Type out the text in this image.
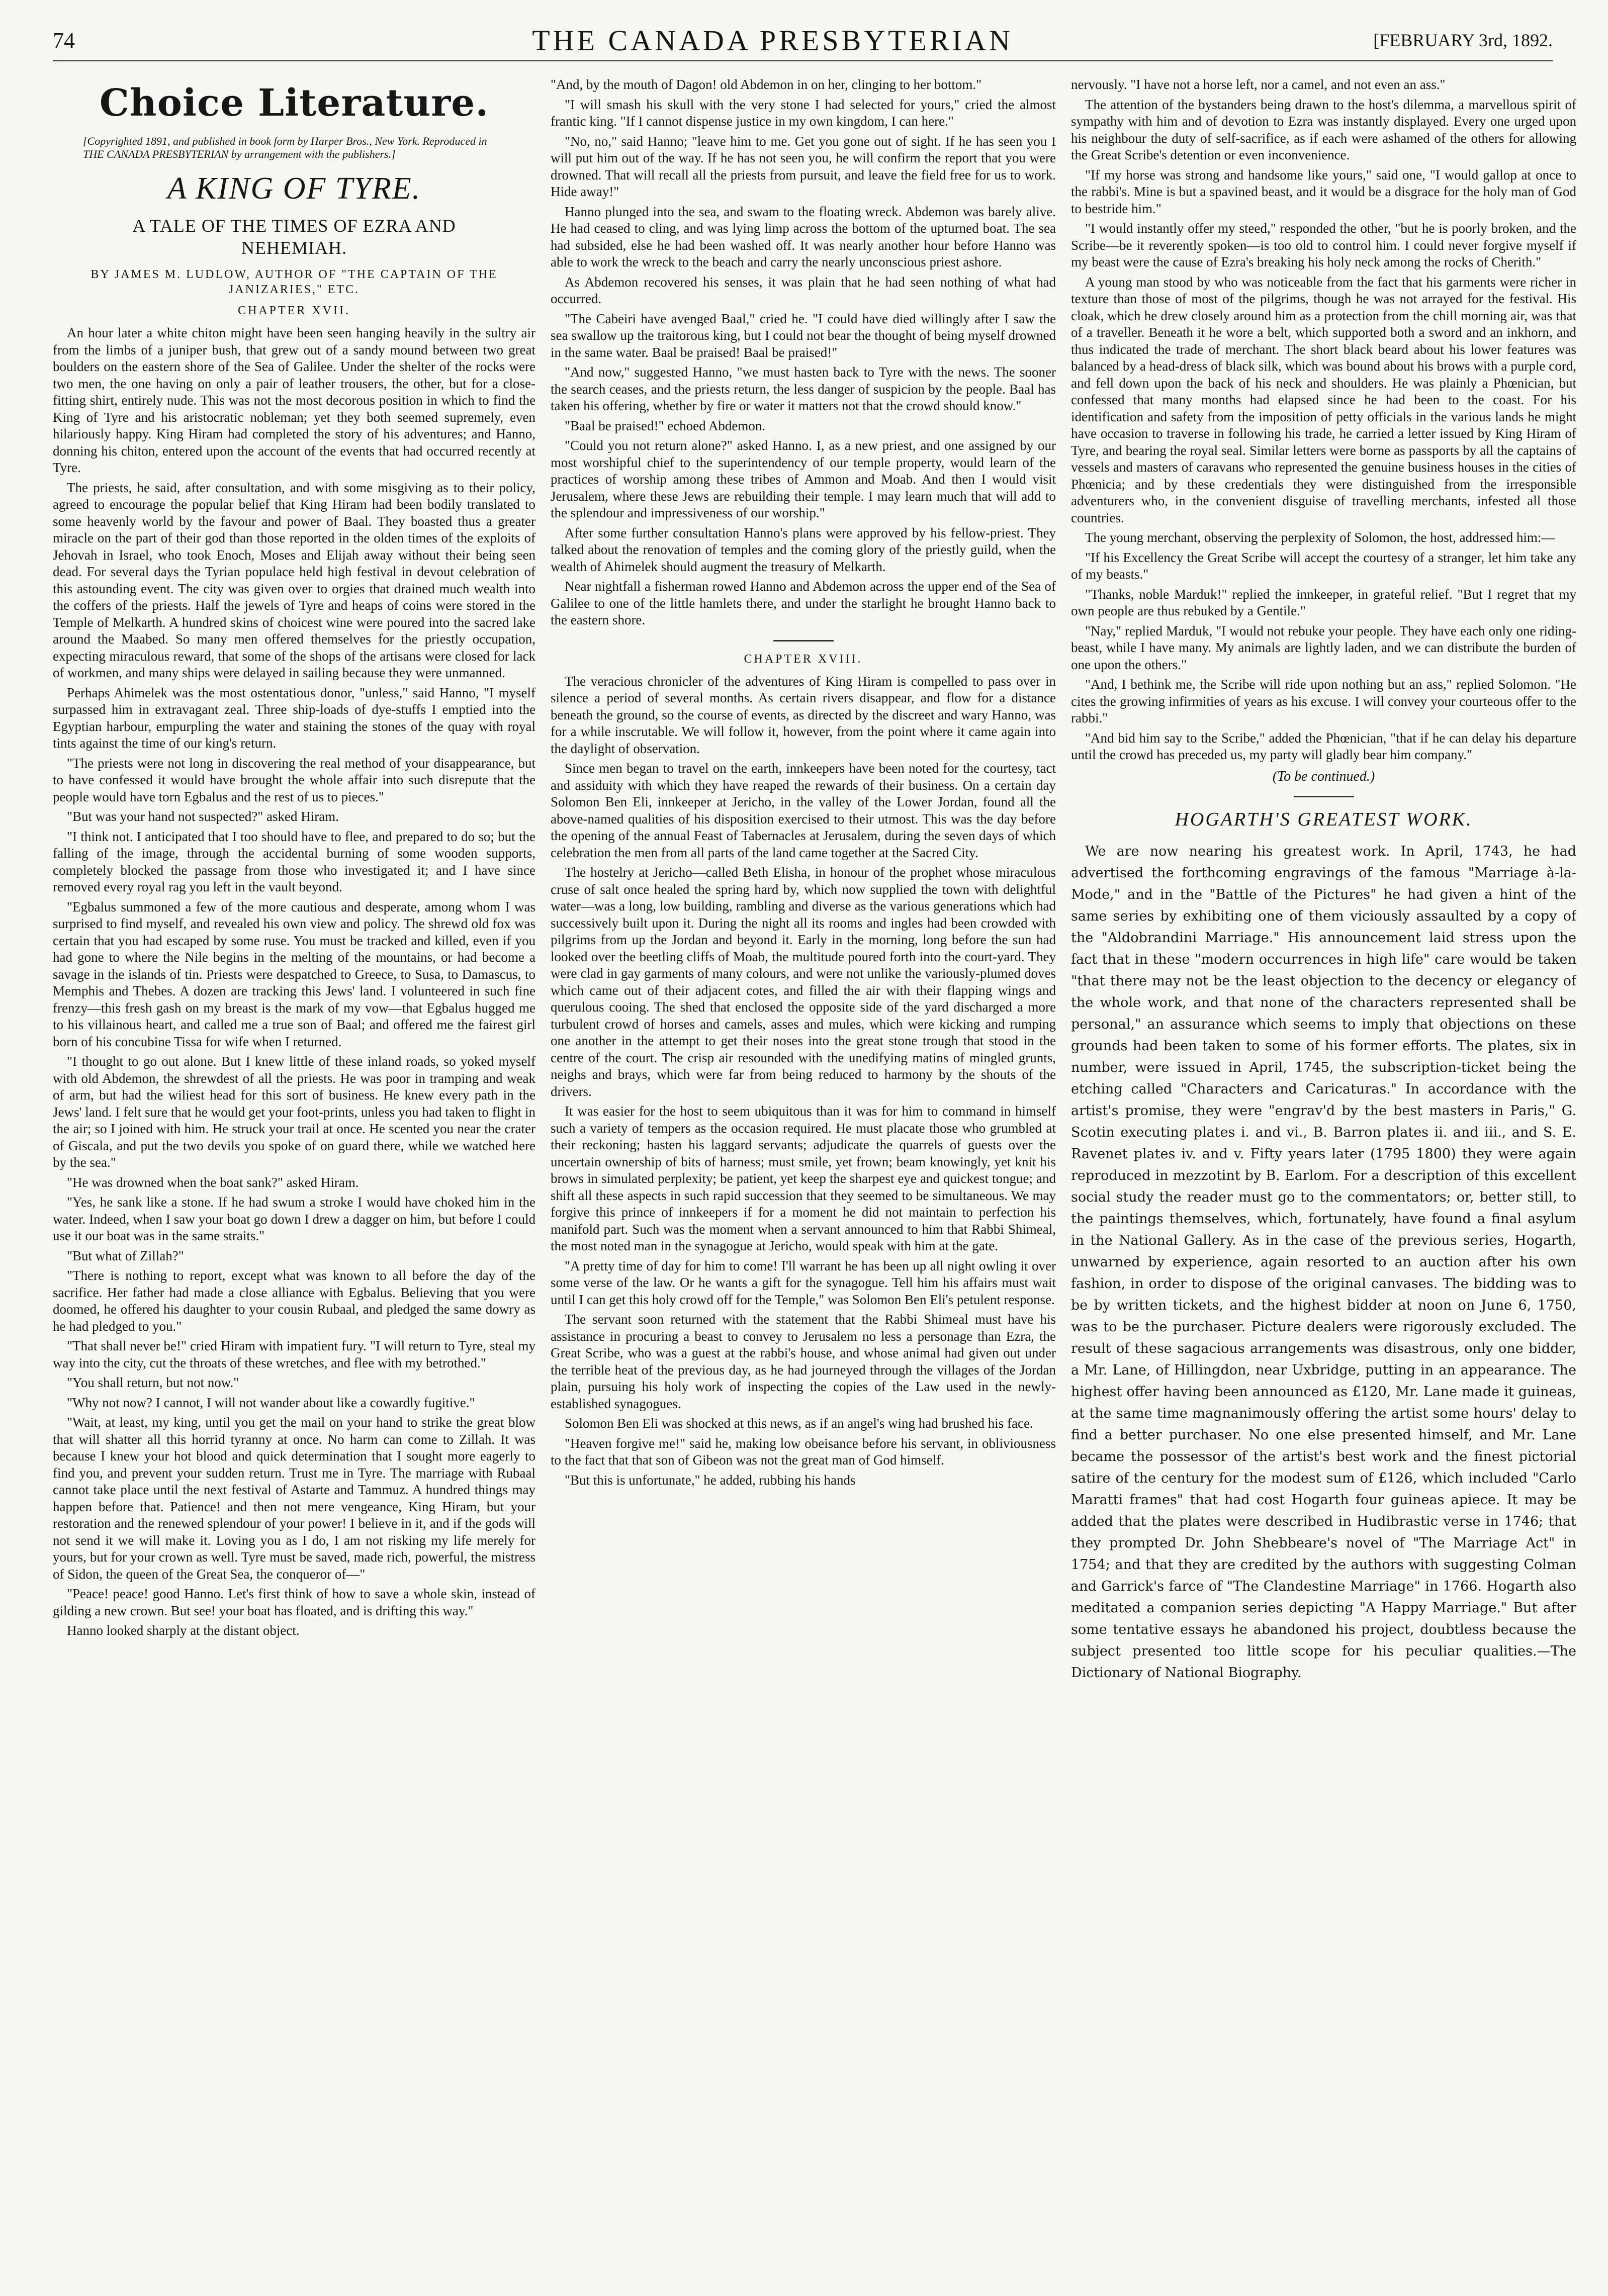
74	THE CANADA PRESBYTERIAN	[FEBRUARY 3rd, 1892.
Choice Literature.
[Copyrighted 1891, and published in book form by Harper Bros., New York. Reproduced in THE CANADA PRESBYTERIAN by arrangement with the publishers.]
A KING OF TYRE.
A TALE OF THE TIMES OF EZRA AND NEHEMIAH.
BY JAMES M. LUDLOW, AUTHOR OF "THE CAPTAIN OF THE JANIZARIES," ETC.
CHAPTER XVII.

An hour later a white chiton might have been seen hanging heavily in the sultry air from the limbs of a juniper bush, that grew out of a sandy mound between two great boulders on the eastern shore of the Sea of Galilee. Under the shelter of the rocks were two men, the one having on only a pair of leather trousers, the other, but for a close-fitting shirt, entirely nude. This was not the most decorous position in which to find the King of Tyre and his aristocratic nobleman; yet they both seemed supremely, even hilariously happy. King Hiram had completed the story of his adventures; and Hanno, donning his chiton, entered upon the account of the events that had occurred recently at Tyre.

The priests, he said, after consultation, and with some misgiving as to their policy, agreed to encourage the popular belief that King Hiram had been bodily translated to some heavenly world by the favour and power of Baal. They boasted thus a greater miracle on the part of their god than those reported in the olden times of the exploits of Jehovah in Israel, who took Enoch, Moses and Elijah away without their being seen dead. For several days the Tyrian populace held high festival in devout celebration of this astounding event. The city was given over to orgies that drained much wealth into the coffers of the priests. Half the jewels of Tyre and heaps of coins were stored in the Temple of Melkarth. A hundred skins of choicest wine were poured into the sacred lake around the Maabed. So many men offered themselves for the priestly occupation, expecting miraculous reward, that some of the shops of the artisans were closed for lack of workmen, and many ships were delayed in sailing because they were unmanned.

Perhaps Ahimelek was the most ostentatious donor, "unless," said Hanno, "I myself surpassed him in extravagant zeal. Three ship-loads of dye-stuffs I emptied into the Egyptian harbour, empurpling the water and staining the stones of the quay with royal tints against the time of our king's return.

"The priests were not long in discovering the real method of your disappearance, but to have confessed it would have brought the whole affair into such disrepute that the people would have torn Egbalus and the rest of us to pieces."

"But was your hand not suspected?" asked Hiram.

"I think not. I anticipated that I too should have to flee, and prepared to do so; but the falling of the image, through the accidental burning of some wooden supports, completely blocked the passage from those who investigated it; and I have since removed every royal rag you left in the vault beyond.

"Egbalus summoned a few of the more cautious and desperate, among whom I was surprised to find myself, and revealed his own view and policy. The shrewd old fox was certain that you had escaped by some ruse. You must be tracked and killed, even if you had gone to where the Nile begins in the melting of the mountains, or had become a savage in the islands of tin. Priests were despatched to Greece, to Susa, to Damascus, to Memphis and Thebes. A dozen are tracking this Jews' land. I volunteered in such fine frenzy—this fresh gash on my breast is the mark of my vow—that Egbalus hugged me to his villainous heart, and called me a true son of Baal; and offered me the fairest girl born of his concubine Tissa for wife when I returned.

"I thought to go out alone. But I knew little of these inland roads, so yoked myself with old Abdemon, the shrewdest of all the priests. He was poor in tramping and weak of arm, but had the wiliest head for this sort of business. He knew every path in the Jews' land. I felt sure that he would get your foot-prints, unless you had taken to flight in the air; so I joined with him. He struck your trail at once. He scented you near the crater of Giscala, and put the two devils you spoke of on guard there, while we watched here by the sea."

"He was drowned when the boat sank?" asked Hiram.

"Yes, he sank like a stone. If he had swum a stroke I would have choked him in the water. Indeed, when I saw your boat go down I drew a dagger on him, but before I could use it our boat was in the same straits."

"But what of Zillah?"

"There is nothing to report, except what was known to all before the day of the sacrifice. Her father had made a close alliance with Egbalus. Believing that you were doomed, he offered his daughter to your cousin Rubaal, and pledged the same dowry as he had pledged to you."

"That shall never be!" cried Hiram with impatient fury. "I will return to Tyre, steal my way into the city, cut the throats of these wretches, and flee with my betrothed."

"You shall return, but not now."

"Why not now? I cannot, I will not wander about like a cowardly fugitive."

"Wait, at least, my king, until you get the mail on your hand to strike the great blow that will shatter all this horrid tyranny at once. No harm can come to Zillah. It was because I knew your hot blood and quick determination that I sought more eagerly to find you, and prevent your sudden return. Trust me in Tyre. The marriage with Rubaal cannot take place until the next festival of Astarte and Tammuz. A hundred things may happen before that. Patience! and then not mere vengeance, King Hiram, but your restoration and the renewed splendour of your power! I believe in it, and if the gods will not send it we will make it. Loving you as I do, I am not risking my life merely for yours, but for your crown as well. Tyre must be saved, made rich, powerful, the mistress of Sidon, the queen of the Great Sea, the conqueror of—"

"Peace! peace! good Hanno. Let's first think of how to save a whole skin, instead of gilding a new crown. But see! your boat has floated, and is drifting this way."

Hanno looked sharply at the distant object.

"And, by the mouth of Dagon! old Abdemon in on her, clinging to her bottom."

"I will smash his skull with the very stone I had selected for yours," cried the almost frantic king. "If I cannot dispense justice in my own kingdom, I can here."

"No, no," said Hanno; "leave him to me. Get you gone out of sight. If he has seen you I will put him out of the way. If he has not seen you, he will confirm the report that you were drowned. That will recall all the priests from pursuit, and leave the field free for us to work. Hide away!"

Hanno plunged into the sea, and swam to the floating wreck. Abdemon was barely alive. He had ceased to cling, and was lying limp across the bottom of the upturned boat. The sea had subsided, else he had been washed off. It was nearly another hour before Hanno was able to work the wreck to the beach and carry the nearly unconscious priest ashore.

As Abdemon recovered his senses, it was plain that he had seen nothing of what had occurred.

"The Cabeiri have avenged Baal," cried he. "I could have died willingly after I saw the sea swallow up the traitorous king, but I could not bear the thought of being myself drowned in the same water. Baal be praised! Baal be praised!"

"And now," suggested Hanno, "we must hasten back to Tyre with the news. The sooner the search ceases, and the priests return, the less danger of suspicion by the people. Baal has taken his offering, whether by fire or water it matters not that the crowd should know."

"Baal be praised!" echoed Abdemon.

"Could you not return alone?" asked Hanno. I, as a new priest, and one assigned by our most worshipful chief to the superintendency of our temple property, would learn of the practices of worship among these tribes of Ammon and Moab. And then I would visit Jerusalem, where these Jews are rebuilding their temple. I may learn much that will add to the splendour and impressiveness of our worship."

After some further consultation Hanno's plans were approved by his fellow-priest. They talked about the renovation of temples and the coming glory of the priestly guild, when the wealth of Ahimelek should augment the treasury of Melkarth.

Near nightfall a fisherman rowed Hanno and Abdemon across the upper end of the Sea of Galilee to one of the little hamlets there, and under the starlight he brought Hanno back to the eastern shore.

CHAPTER XVIII.

The veracious chronicler of the adventures of King Hiram is compelled to pass over in silence a period of several months. As certain rivers disappear, and flow for a distance beneath the ground, so the course of events, as directed by the discreet and wary Hanno, was for a while inscrutable. We will follow it, however, from the point where it came again into the daylight of observation.

Since men began to travel on the earth, innkeepers have been noted for the courtesy, tact and assiduity with which they have reaped the rewards of their business. On a certain day Solomon Ben Eli, innkeeper at Jericho, in the valley of the Lower Jordan, found all the above-named qualities of his disposition exercised to their utmost. This was the day before the opening of the annual Feast of Tabernacles at Jerusalem, during the seven days of which celebration the men from all parts of the land came together at the Sacred City.

The hostelry at Jericho—called Beth Elisha, in honour of the prophet whose miraculous cruse of salt once healed the spring hard by, which now supplied the town with delightful water—was a long, low building, rambling and diverse as the various generations which had successively built upon it. During the night all its rooms and ingles had been crowded with pilgrims from up the Jordan and beyond it. Early in the morning, long before the sun had looked over the beetling cliffs of Moab, the multitude poured forth into the court-yard. They were clad in gay garments of many colours, and were not unlike the variously-plumed doves which came out of their adjacent cotes, and filled the air with their flapping wings and querulous cooing. The shed that enclosed the opposite side of the yard discharged a more turbulent crowd of horses and camels, asses and mules, which were kicking and rumping one another in the attempt to get their noses into the great stone trough that stood in the centre of the court. The crisp air resounded with the unedifying matins of mingled grunts, neighs and brays, which were far from being reduced to harmony by the shouts of the drivers.

It was easier for the host to seem ubiquitous than it was for him to command in himself such a variety of tempers as the occasion required. He must placate those who grumbled at their reckoning; hasten his laggard servants; adjudicate the quarrels of guests over the uncertain ownership of bits of harness; must smile, yet frown; beam knowingly, yet knit his brows in simulated perplexity; be patient, yet keep the sharpest eye and quickest tongue; and shift all these aspects in such rapid succession that they seemed to be simultaneous. We may forgive this prince of innkeepers if for a moment he did not maintain to perfection his manifold part. Such was the moment when a servant announced to him that Rabbi Shimeal, the most noted man in the synagogue at Jericho, would speak with him at the gate.

"A pretty time of day for him to come! I'll warrant he has been up all night owling it over some verse of the law. Or he wants a gift for the synagogue. Tell him his affairs must wait until I can get this holy crowd off for the Temple," was Solomon Ben Eli's petulent response.

The servant soon returned with the statement that the Rabbi Shimeal must have his assistance in procuring a beast to convey to Jerusalem no less a personage than Ezra, the Great Scribe, who was a guest at the rabbi's house, and whose animal had given out under the terrible heat of the previous day, as he had journeyed through the villages of the Jordan plain, pursuing his holy work of inspecting the copies of the Law used in the newly-established synagogues.

Solomon Ben Eli was shocked at this news, as if an angel's wing had brushed his face.

"Heaven forgive me!" said he, making low obeisance before his servant, in obliviousness to the fact that that son of Gibeon was not the great man of God himself.

"But this is unfortunate," he added, rubbing his hands

nervously. "I have not a horse left, nor a camel, and not even an ass."

The attention of the bystanders being drawn to the host's dilemma, a marvellous spirit of sympathy with him and of devotion to Ezra was instantly displayed. Every one urged upon his neighbour the duty of self-sacrifice, as if each were ashamed of the others for allowing the Great Scribe's detention or even inconvenience.

"If my horse was strong and handsome like yours," said one, "I would gallop at once to the rabbi's. Mine is but a spavined beast, and it would be a disgrace for the holy man of God to bestride him."

"I would instantly offer my steed," responded the other, "but he is poorly broken, and the Scribe—be it reverently spoken—is too old to control him. I could never forgive myself if my beast were the cause of Ezra's breaking his holy neck among the rocks of Cherith."

A young man stood by who was noticeable from the fact that his garments were richer in texture than those of most of the pilgrims, though he was not arrayed for the festival. His cloak, which he drew closely around him as a protection from the chill morning air, was that of a traveller. Beneath it he wore a belt, which supported both a sword and an inkhorn, and thus indicated the trade of merchant. The short black beard about his lower features was balanced by a head-dress of black silk, which was bound about his brows with a purple cord, and fell down upon the back of his neck and shoulders. He was plainly a Phœnician, but confessed that many months had elapsed since he had been to the coast. For his identification and safety from the imposition of petty officials in the various lands he might have occasion to traverse in following his trade, he carried a letter issued by King Hiram of Tyre, and bearing the royal seal. Similar letters were borne as passports by all the captains of vessels and masters of caravans who represented the genuine business houses in the cities of Phœnicia; and by these credentials they were distinguished from the irresponsible adventurers who, in the convenient disguise of travelling merchants, infested all those countries.

The young merchant, observing the perplexity of Solomon, the host, addressed him:—

"If his Excellency the Great Scribe will accept the courtesy of a stranger, let him take any of my beasts."

"Thanks, noble Marduk!" replied the innkeeper, in grateful relief. "But I regret that my own people are thus rebuked by a Gentile."

"Nay," replied Marduk, "I would not rebuke your people. They have each only one riding-beast, while I have many. My animals are lightly laden, and we can distribute the burden of one upon the others."

"And, I bethink me, the Scribe will ride upon nothing but an ass," replied Solomon. "He cites the growing infirmities of years as his excuse. I will convey your courteous offer to the rabbi."

"And bid him say to the Scribe," added the Phœnician, "that if he can delay his departure until the crowd has preceded us, my party will gladly bear him company."

(To be continued.)
HOGARTH'S GREATEST WORK.

We are now nearing his greatest work. In April, 1743, he had advertised the forthcoming engravings of the famous "Marriage à-la-Mode," and in the "Battle of the Pictures" he had given a hint of the same series by exhibiting one of them viciously assaulted by a copy of the "Aldobrandini Marriage." His announcement laid stress upon the fact that in these "modern occurrences in high life" care would be taken "that there may not be the least objection to the decency or elegancy of the whole work, and that none of the characters represented shall be personal," an assurance which seems to imply that objections on these grounds had been taken to some of his former efforts. The plates, six in number, were issued in April, 1745, the subscription-ticket being the etching called "Characters and Caricaturas." In accordance with the artist's promise, they were "engrav'd by the best masters in Paris," G. Scotin executing plates i. and vi., B. Barron plates ii. and iii., and S. E. Ravenet plates iv. and v. Fifty years later (1795 1800) they were again reproduced in mezzotint by B. Earlom. For a description of this excellent social study the reader must go to the commentators; or, better still, to the paintings themselves, which, fortunately, have found a final asylum in the National Gallery. As in the case of the previous series, Hogarth, unwarned by experience, again resorted to an auction after his own fashion, in order to dispose of the original canvases. The bidding was to be by written tickets, and the highest bidder at noon on June 6, 1750, was to be the purchaser. Picture dealers were rigorously excluded. The result of these sagacious arrangements was disastrous, only one bidder, a Mr. Lane, of Hillingdon, near Uxbridge, putting in an appearance. The highest offer having been announced as £120, Mr. Lane made it guineas, at the same time magnanimously offering the artist some hours' delay to find a better purchaser. No one else presented himself, and Mr. Lane became the possessor of the artist's best work and the finest pictorial satire of the century for the modest sum of £126, which included "Carlo Maratti frames" that had cost Hogarth four guineas apiece. It may be added that the plates were described in Hudibrastic verse in 1746; that they prompted Dr. John Shebbeare's novel of "The Marriage Act" in 1754; and that they are credited by the authors with suggesting Colman and Garrick's farce of "The Clandestine Marriage" in 1766. Hogarth also meditated a companion series depicting "A Happy Marriage." But after some tentative essays he abandoned his project, doubtless because the subject presented too little scope for his peculiar qualities.—The Dictionary of National Biography.
